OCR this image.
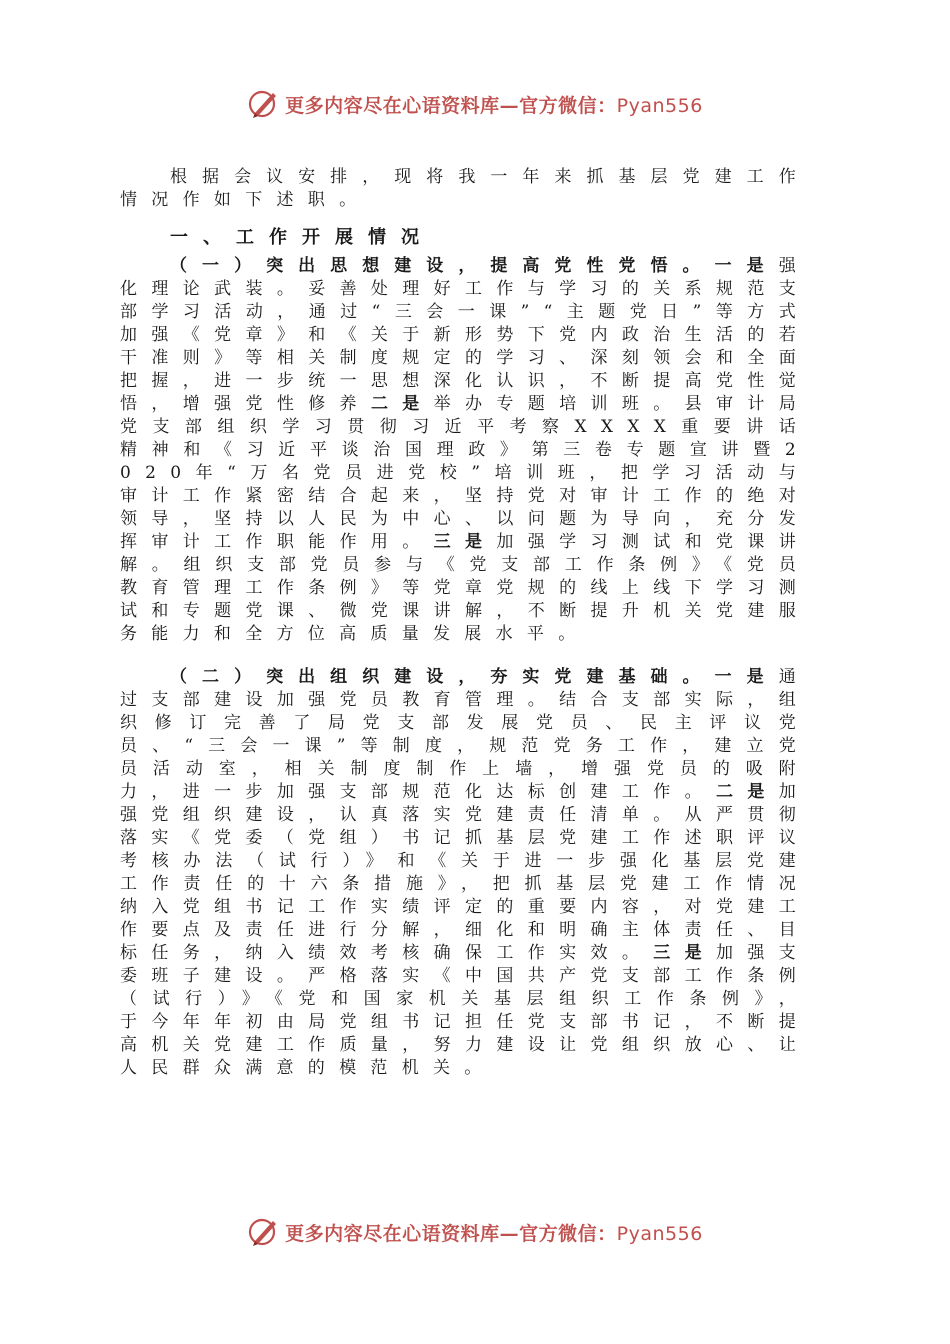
更多内容尽在心语资料库—官方微信：Pyan556

根据会议安排，现将我一年来抓基层党建工作情况作如下述职。

一、工作开展情况

（一）突出思想建设，提高党性党悟。一是强化理论武装。妥善处理好工作与学习的关系规范支部学习活动，通过“三会一课”“主题党日”等方式加强《党章》和《关于新形势下党内政治生活的若干准则》等相关制度规定的学习、深刻领会和全面把握，进一步统一思想深化认识，不断提高党性觉悟，增强党性修养二是举办专题培训班。县审计局党支部组织学习贯彻习近平考察XXXX重要讲话精神和《习近平谈治国理政》第三卷专题宣讲暨2020年“万名党员进党校”培训班，把学习活动与审计工作紧密结合起来，坚持党对审计工作的绝对领导，坚持以人民为中心、以问题为导向，充分发挥审计工作职能作用。三是加强学习测试和党课讲解。组织支部党员参与《党支部工作条例》《党员教育管理工作条例》等党章党规的线上线下学习测试和专题党课、微党课讲解，不断提升机关党建服务能力和全方位高质量发展水平。

（二）突出组织建设，夯实党建基础。一是通过支部建设加强党员教育管理。结合支部实际，组织修订完善了局党支部发展党员、民主评议党员、“三会一课”等制度，规范党务工作，建立党员活动室，相关制度制作上墙，增强党员的吸附力，进一步加强支部规范化达标创建工作。二是加强党组织建设，认真落实党建责任清单。从严贯彻落实《党委（党组）书记抓基层党建工作述职评议考核办法（试行）》和《关于进一步强化基层党建工作责任的十六条措施》，把抓基层党建工作情况纳入党组书记工作实绩评定的重要内容，对党建工作要点及责任进行分解，细化和明确主体责任、目标任务，纳入绩效考核确保工作实效。三是加强支委班子建设。严格落实《中国共产党支部工作条例（试行）》《党和国家机关基层组织工作条例》，于今年年初由局党组书记担任党支部书记，不断提高机关党建工作质量，努力建设让党组织放心、让人民群众满意的模范机关。

更多内容尽在心语资料库—官方微信：Pyan556
